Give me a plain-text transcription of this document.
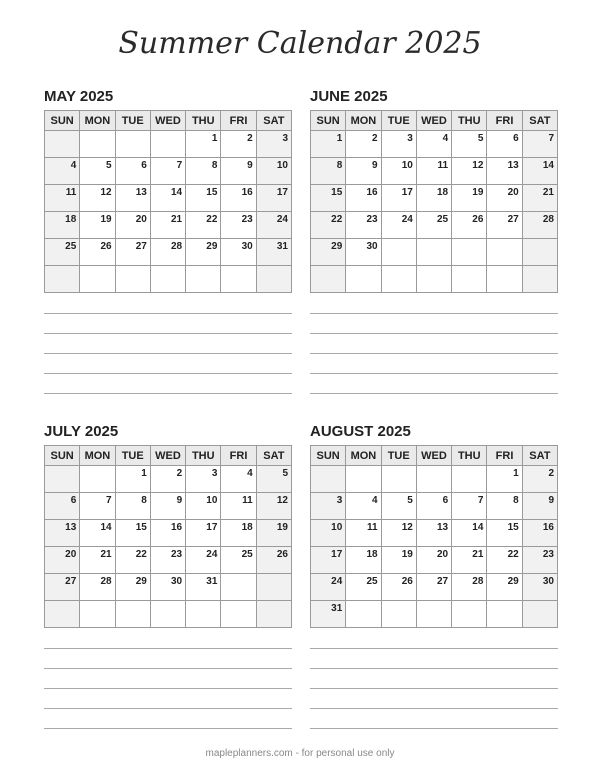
Summer Calendar 2025
MAY 2025
SUN	MON	TUE	WED	THU	FRI	SAT
				1	2	3
4	5	6	7	8	9	10
11	12	13	14	15	16	17
18	19	20	21	22	23	24
25	26	27	28	29	30	31

JUNE 2025
SUN	MON	TUE	WED	THU	FRI	SAT
1	2	3	4	5	6	7
8	9	10	11	12	13	14
15	16	17	18	19	20	21
22	23	24	25	26	27	28
29	30					

JULY 2025
SUN	MON	TUE	WED	THU	FRI	SAT
		1	2	3	4	5
6	7	8	9	10	11	12
13	14	15	16	17	18	19
20	21	22	23	24	25	26
27	28	29	30	31		

AUGUST 2025
SUN	MON	TUE	WED	THU	FRI	SAT
					1	2
3	4	5	6	7	8	9
10	11	12	13	14	15	16
17	18	19	20	21	22	23
24	25	26	27	28	29	30
31						
mapleplanners.com - for personal use only
